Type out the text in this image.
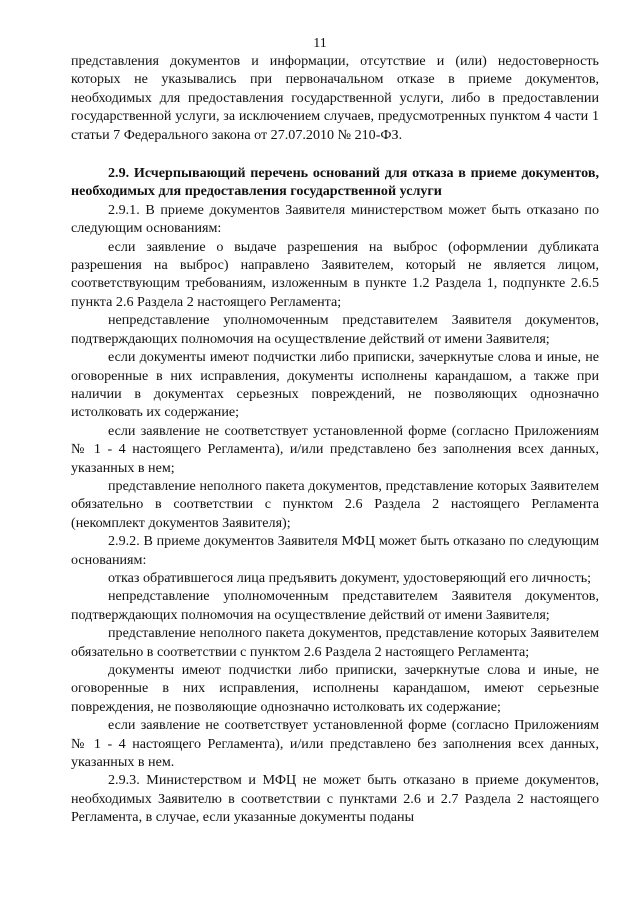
11

представления документов и информации, отсутствие и (или) недостоверность которых не указывались при первоначальном отказе в приеме документов, необходимых для предоставления государственной услуги, либо в предоставлении государственной услуги, за исключением случаев, предусмотренных пунктом 4 части 1 статьи 7 Федерального закона от 27.07.2010 № 210-ФЗ.

2.9. Исчерпывающий перечень оснований для отказа в приеме документов, необходимых для предоставления государственной услуги

2.9.1. В приеме документов Заявителя министерством может быть отказано по следующим основаниям:

если заявление о выдаче разрешения на выброс (оформлении дубликата разрешения на выброс) направлено Заявителем, который не является лицом, соответствующим требованиям, изложенным в пункте 1.2 Раздела 1, подпункте 2.6.5 пункта 2.6 Раздела 2 настоящего Регламента;

непредставление уполномоченным представителем Заявителя документов, подтверждающих полномочия на осуществление действий от имени Заявителя;

если документы имеют подчистки либо приписки, зачеркнутые слова и иные, не оговоренные в них исправления, документы исполнены карандашом, а также при наличии в документах серьезных повреждений, не позволяющих однозначно истолковать их содержание;

если заявление не соответствует установленной форме (согласно Приложениям № 1 - 4 настоящего Регламента), и/или представлено без заполнения всех данных, указанных в нем;

представление неполного пакета документов, представление которых Заявителем обязательно в соответствии с пунктом 2.6 Раздела 2 настоящего Регламента (некомплект документов Заявителя);

2.9.2. В приеме документов Заявителя МФЦ может быть отказано по следующим основаниям:

отказ обратившегося лица предъявить документ, удостоверяющий его личность;

непредставление уполномоченным представителем Заявителя документов, подтверждающих полномочия на осуществление действий от имени Заявителя;

представление неполного пакета документов, представление которых Заявителем обязательно в соответствии с пунктом 2.6 Раздела 2 настоящего Регламента;

документы имеют подчистки либо приписки, зачеркнутые слова и иные, не оговоренные в них исправления, исполнены карандашом, имеют серьезные повреждения, не позволяющие однозначно истолковать их содержание;

если заявление не соответствует установленной форме (согласно Приложениям № 1 - 4 настоящего Регламента), и/или представлено без заполнения всех данных, указанных в нем.

2.9.3. Министерством и МФЦ не может быть отказано в приеме документов, необходимых Заявителю в соответствии с пунктами 2.6 и 2.7 Раздела 2 настоящего Регламента, в случае, если указанные документы поданы
